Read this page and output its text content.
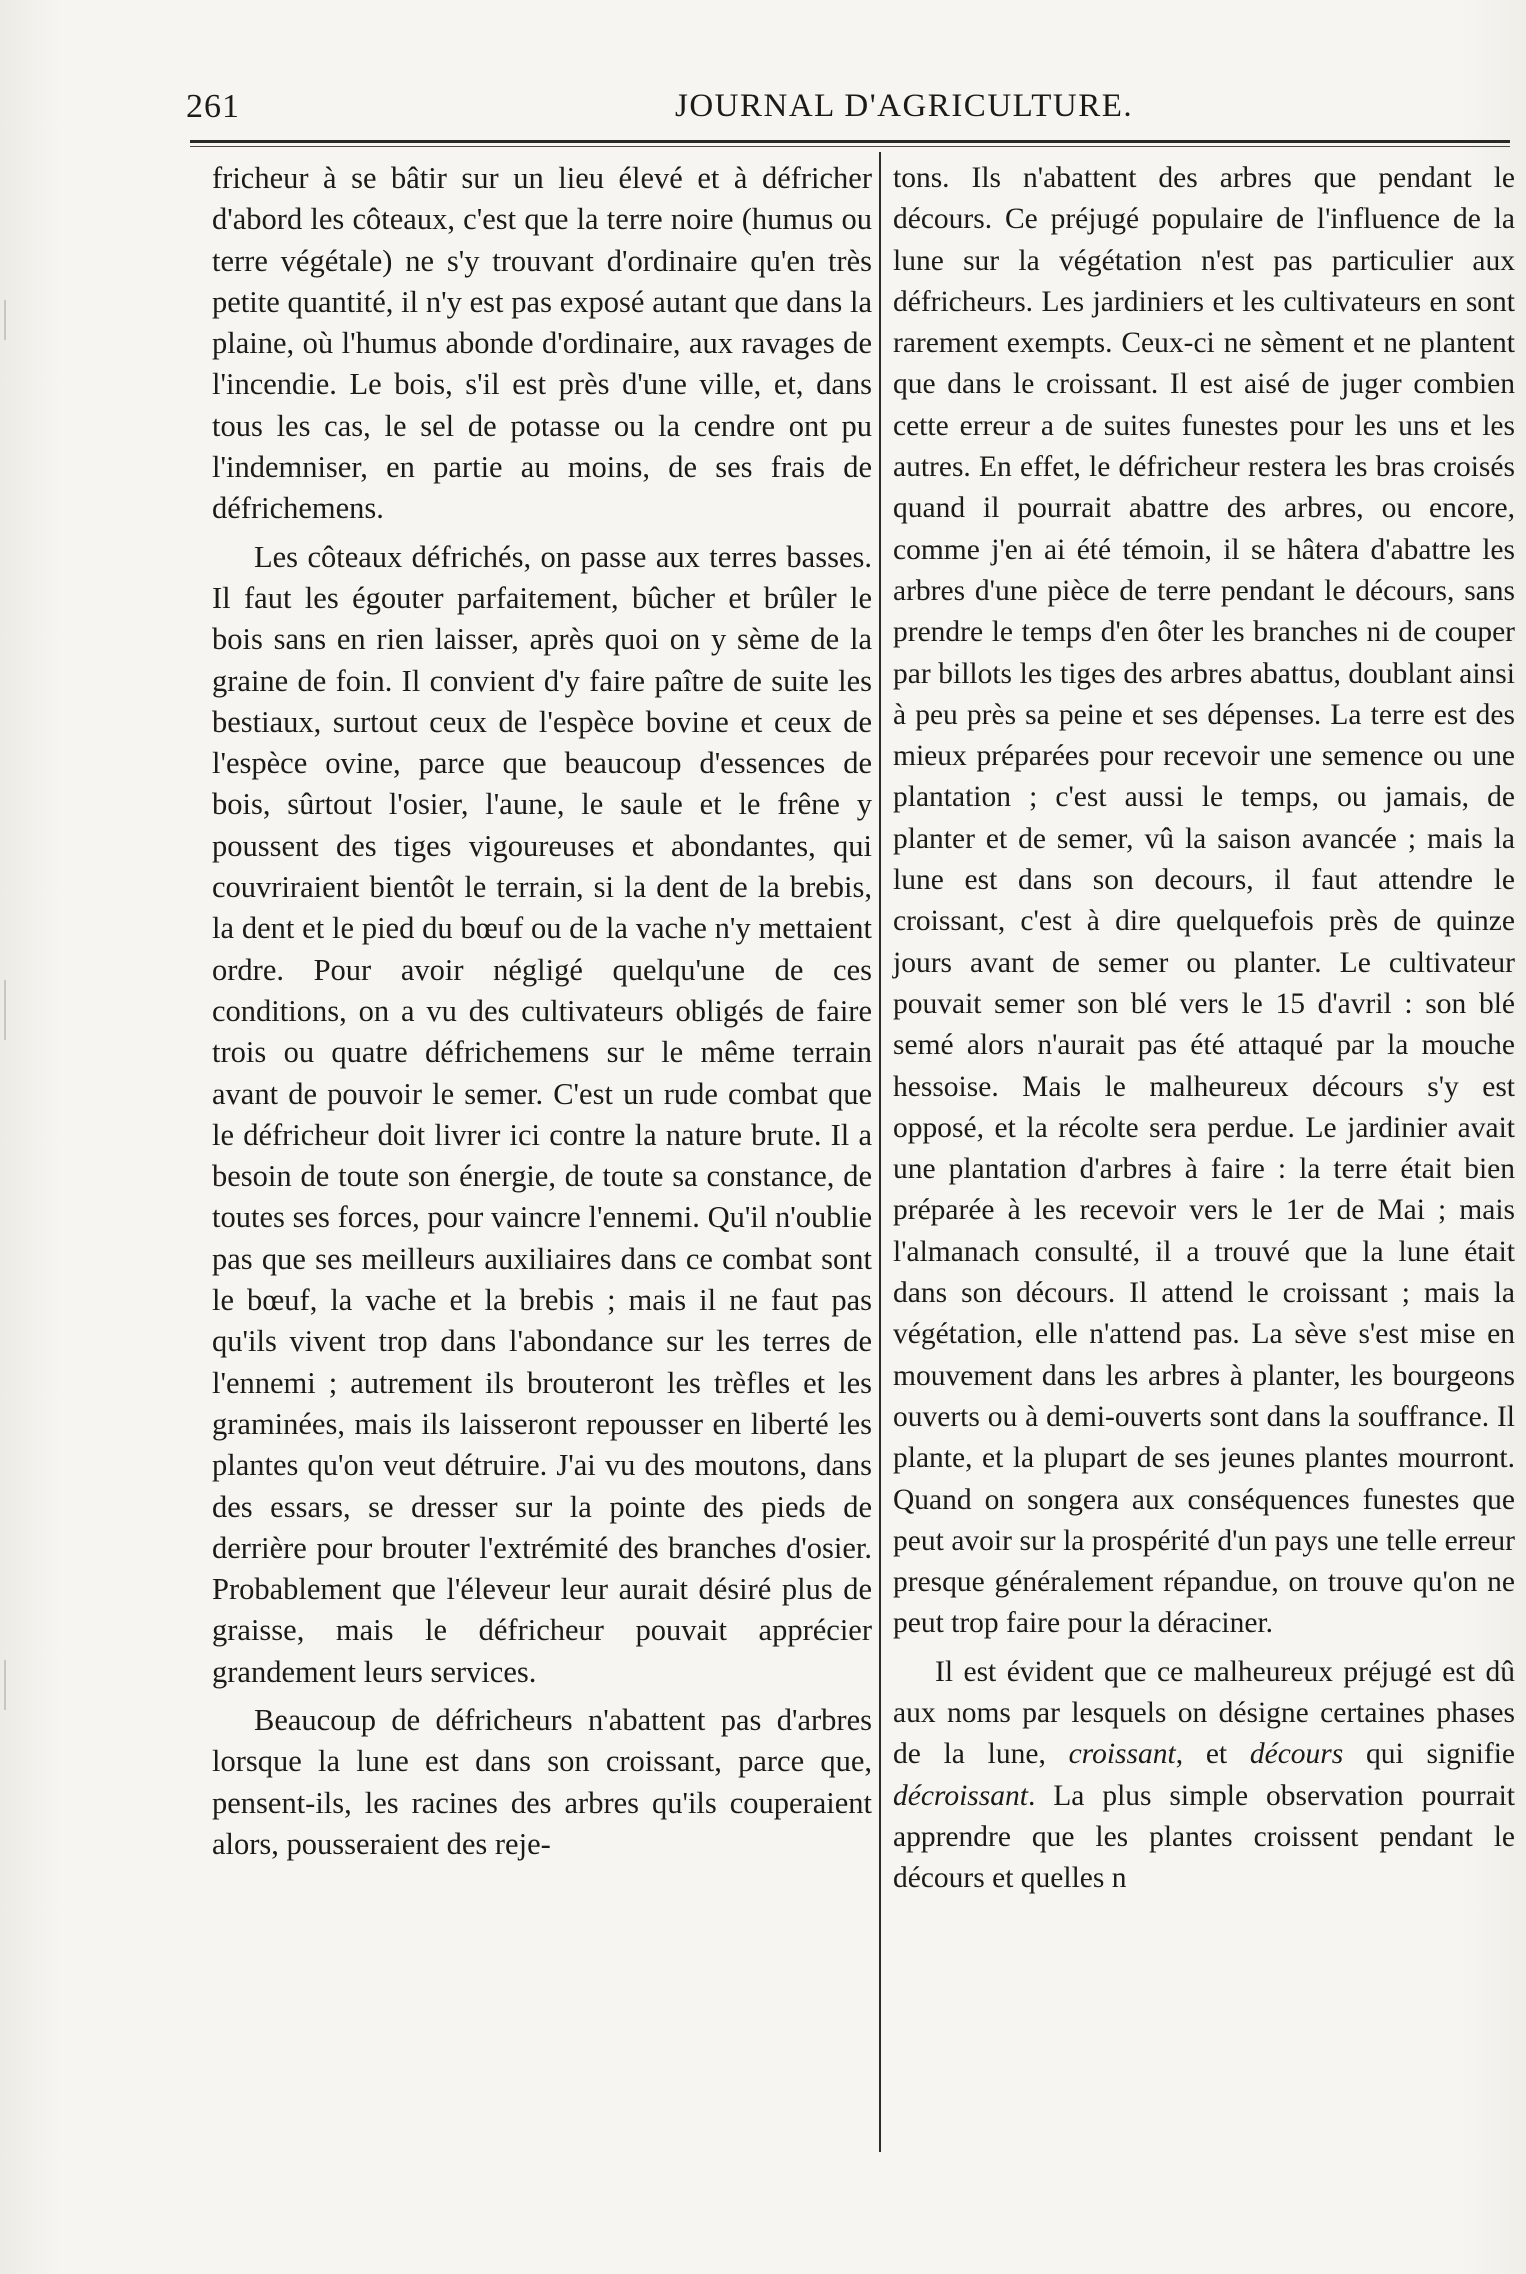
261	JOURNAL D'AGRICULTURE.

fricheur à se bâtir sur un lieu élevé et à défricher d'abord les côteaux, c'est que la terre noire (humus ou terre végétale) ne s'y trouvant d'ordinaire qu'en très petite quantité, il n'y est pas exposé autant que dans la plaine, où l'humus abonde d'ordinaire, aux ravages de l'incendie. Le bois, s'il est près d'une ville, et, dans tous les cas, le sel de potasse ou la cendre ont pu l'indemniser, en partie au moins, de ses frais de défrichemens.

Les côteaux défrichés, on passe aux terres basses. Il faut les égouter parfaitement, bûcher et brûler le bois sans en rien laisser, après quoi on y sème de la graine de foin. Il convient d'y faire paître de suite les bestiaux, surtout ceux de l'espèce bovine et ceux de l'espèce ovine, parce que beaucoup d'essences de bois, sûrtout l'osier, l'aune, le saule et le frêne y poussent des tiges vigoureuses et abondantes, qui couvriraient bientôt le terrain, si la dent de la brebis, la dent et le pied du bœuf ou de la vache n'y mettaient ordre. Pour avoir négligé quelqu'une de ces conditions, on a vu des cultivateurs obligés de faire trois ou quatre défrichemens sur le même terrain avant de pouvoir le semer. C'est un rude combat que le défricheur doit livrer ici contre la nature brute. Il a besoin de toute son énergie, de toute sa constance, de toutes ses forces, pour vaincre l'ennemi. Qu'il n'oublie pas que ses meilleurs auxiliaires dans ce combat sont le bœuf, la vache et la brebis ; mais il ne faut pas qu'ils vivent trop dans l'abondance sur les terres de l'ennemi ; autrement ils brouteront les trèfles et les graminées, mais ils laisseront repousser en liberté les plantes qu'on veut détruire. J'ai vu des moutons, dans des essars, se dresser sur la pointe des pieds de derrière pour brouter l'extrémité des branches d'osier. Probablement que l'éleveur leur aurait désiré plus de graisse, mais le défricheur pouvait apprécier grandement leurs services.

Beaucoup de défricheurs n'abattent pas d'arbres lorsque la lune est dans son croissant, parce que, pensent-ils, les racines des arbres qu'ils couperaient alors, pousseraient des reje-

tons. Ils n'abattent des arbres que pendant le décours. Ce préjugé populaire de l'influence de la lune sur la végétation n'est pas particulier aux défricheurs. Les jardiniers et les cultivateurs en sont rarement exempts. Ceux-ci ne sèment et ne plantent que dans le croissant. Il est aisé de juger combien cette erreur a de suites funestes pour les uns et les autres. En effet, le défricheur restera les bras croisés quand il pourrait abattre des arbres, ou encore, comme j'en ai été témoin, il se hâtera d'abattre les arbres d'une pièce de terre pendant le décours, sans prendre le temps d'en ôter les branches ni de couper par billots les tiges des arbres abattus, doublant ainsi à peu près sa peine et ses dépenses. La terre est des mieux préparées pour recevoir une semence ou une plantation ; c'est aussi le temps, ou jamais, de planter et de semer, vû la saison avancée ; mais la lune est dans son decours, il faut attendre le croissant, c'est à dire quelquefois près de quinze jours avant de semer ou planter. Le cultivateur pouvait semer son blé vers le 15 d'avril : son blé semé alors n'aurait pas été attaqué par la mouche hessoise. Mais le malheureux décours s'y est opposé, et la récolte sera perdue. Le jardinier avait une plantation d'arbres à faire : la terre était bien préparée à les recevoir vers le 1er de Mai ; mais l'almanach consulté, il a trouvé que la lune était dans son décours. Il attend le croissant ; mais la végétation, elle n'attend pas. La sève s'est mise en mouvement dans les arbres à planter, les bourgeons ouverts ou à demi-ouverts sont dans la souffrance. Il plante, et la plupart de ses jeunes plantes mourront. Quand on songera aux conséquences funestes que peut avoir sur la prospérité d'un pays une telle erreur presque généralement répandue, on trouve qu'on ne peut trop faire pour la déraciner.

Il est évident que ce malheureux préjugé est dû aux noms par lesquels on désigne certaines phases de la lune, croissant, et décours qui signifie décroissant. La plus simple observation pourrait apprendre que les plantes croissent pendant le décours et quelles n
